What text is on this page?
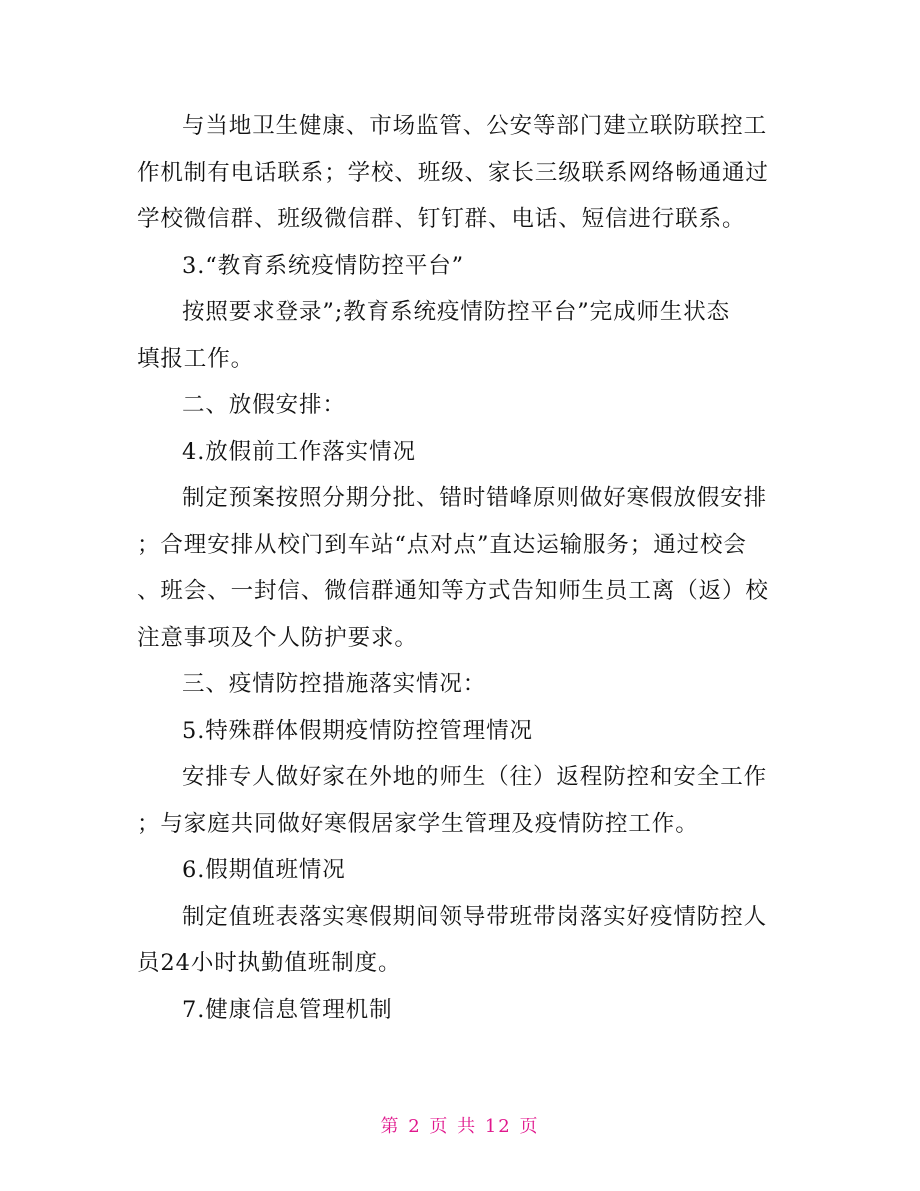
与当地卫生健康、市场监管、公安等部门建立联防联控工
作机制有电话联系；学校、班级、家长三级联系网络畅通通过
学校微信群、班级微信群、钉钉群、电话、短信进行联系。

3.“教育系统疫情防控平台”

按照要求登录”;教育系统疫情防控平台”完成师生状态
填报工作。

二、放假安排：

4.放假前工作落实情况

制定预案按照分期分批、错时错峰原则做好寒假放假安排
；合理安排从校门到车站“点对点”直达运输服务；通过校会
、班会、一封信、微信群通知等方式告知师生员工离（返）校
注意事项及个人防护要求。

三、疫情防控措施落实情况：

5.特殊群体假期疫情防控管理情况

安排专人做好家在外地的师生（往）返程防控和安全工作
；与家庭共同做好寒假居家学生管理及疫情防控工作。

6.假期值班情况

制定值班表落实寒假期间领导带班带岗落实好疫情防控人
员24小时执勤值班制度。

7.健康信息管理机制

第 2 页 共 12 页
